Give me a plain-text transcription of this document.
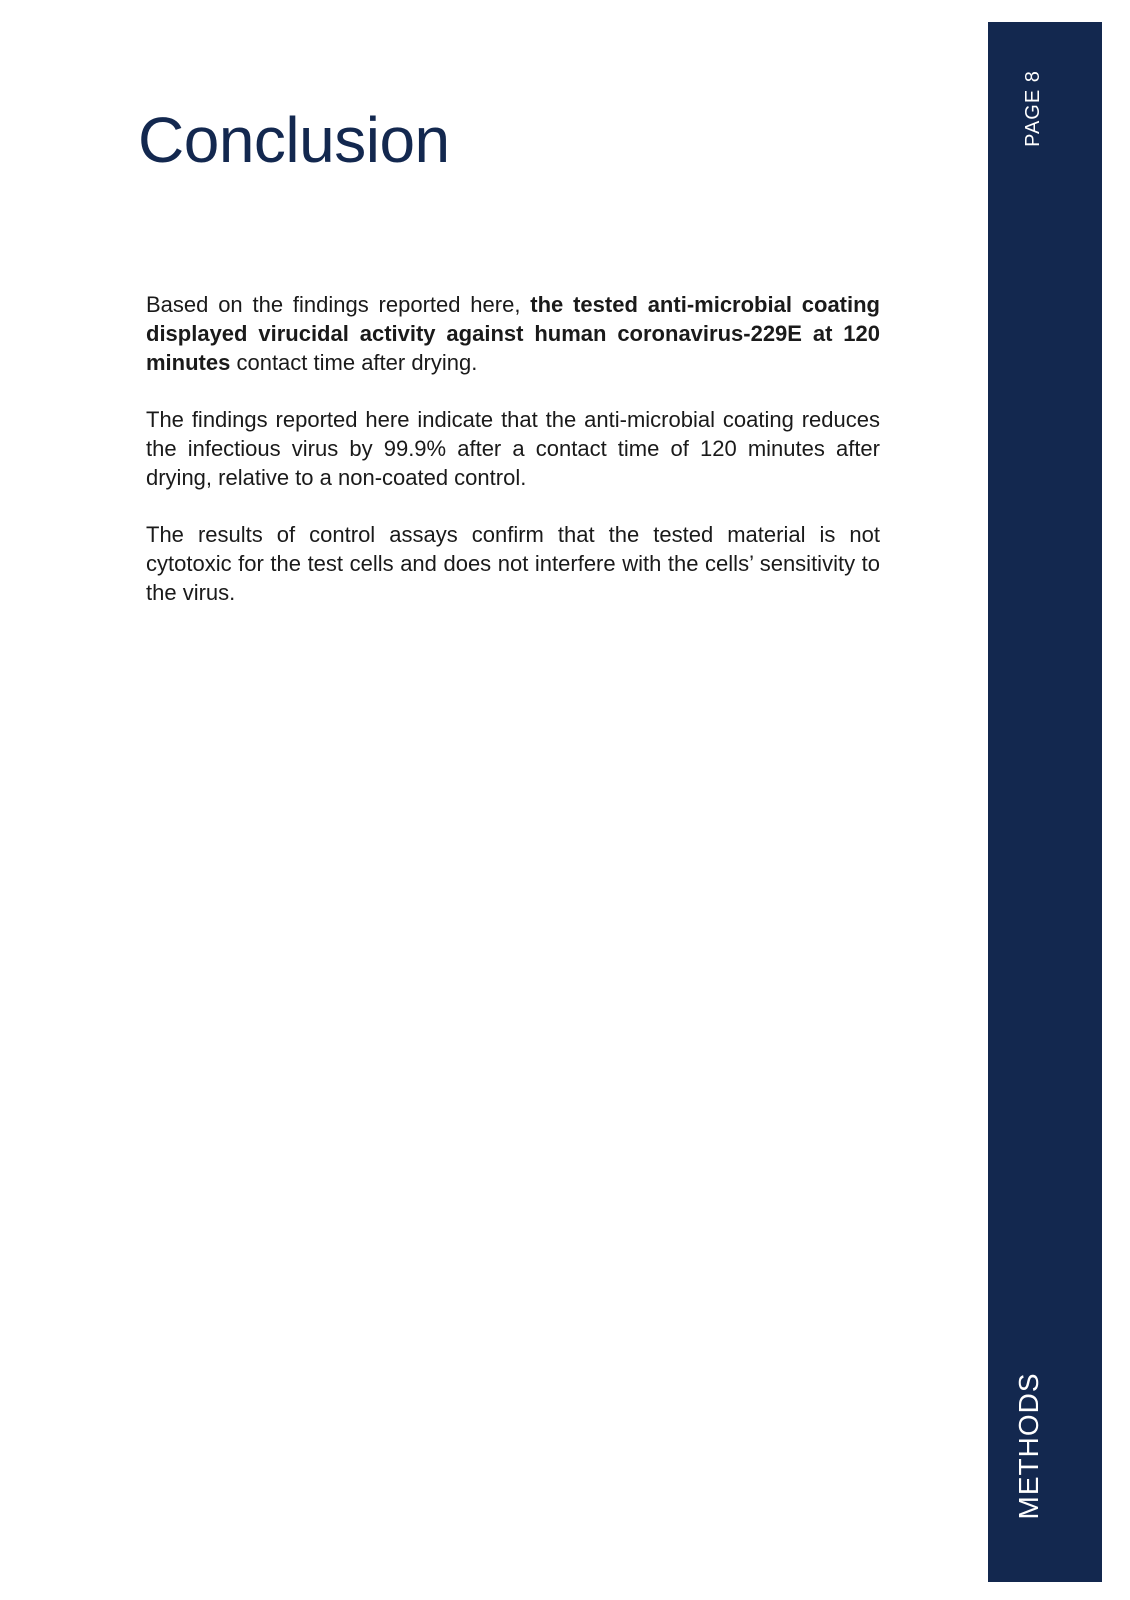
Conclusion

Based on the findings reported here, the tested anti-microbial coating displayed virucidal activity against human coronavirus-229E at 120 minutes contact time after drying.

The findings reported here indicate that the anti-microbial coating reduces the infectious virus by 99.9% after a contact time of 120 minutes after drying, relative to a non-coated control.

The results of control assays confirm that the tested material is not cytotoxic for the test cells and does not interfere with the cells’ sensitivity to the virus.

PAGE 8
METHODS
